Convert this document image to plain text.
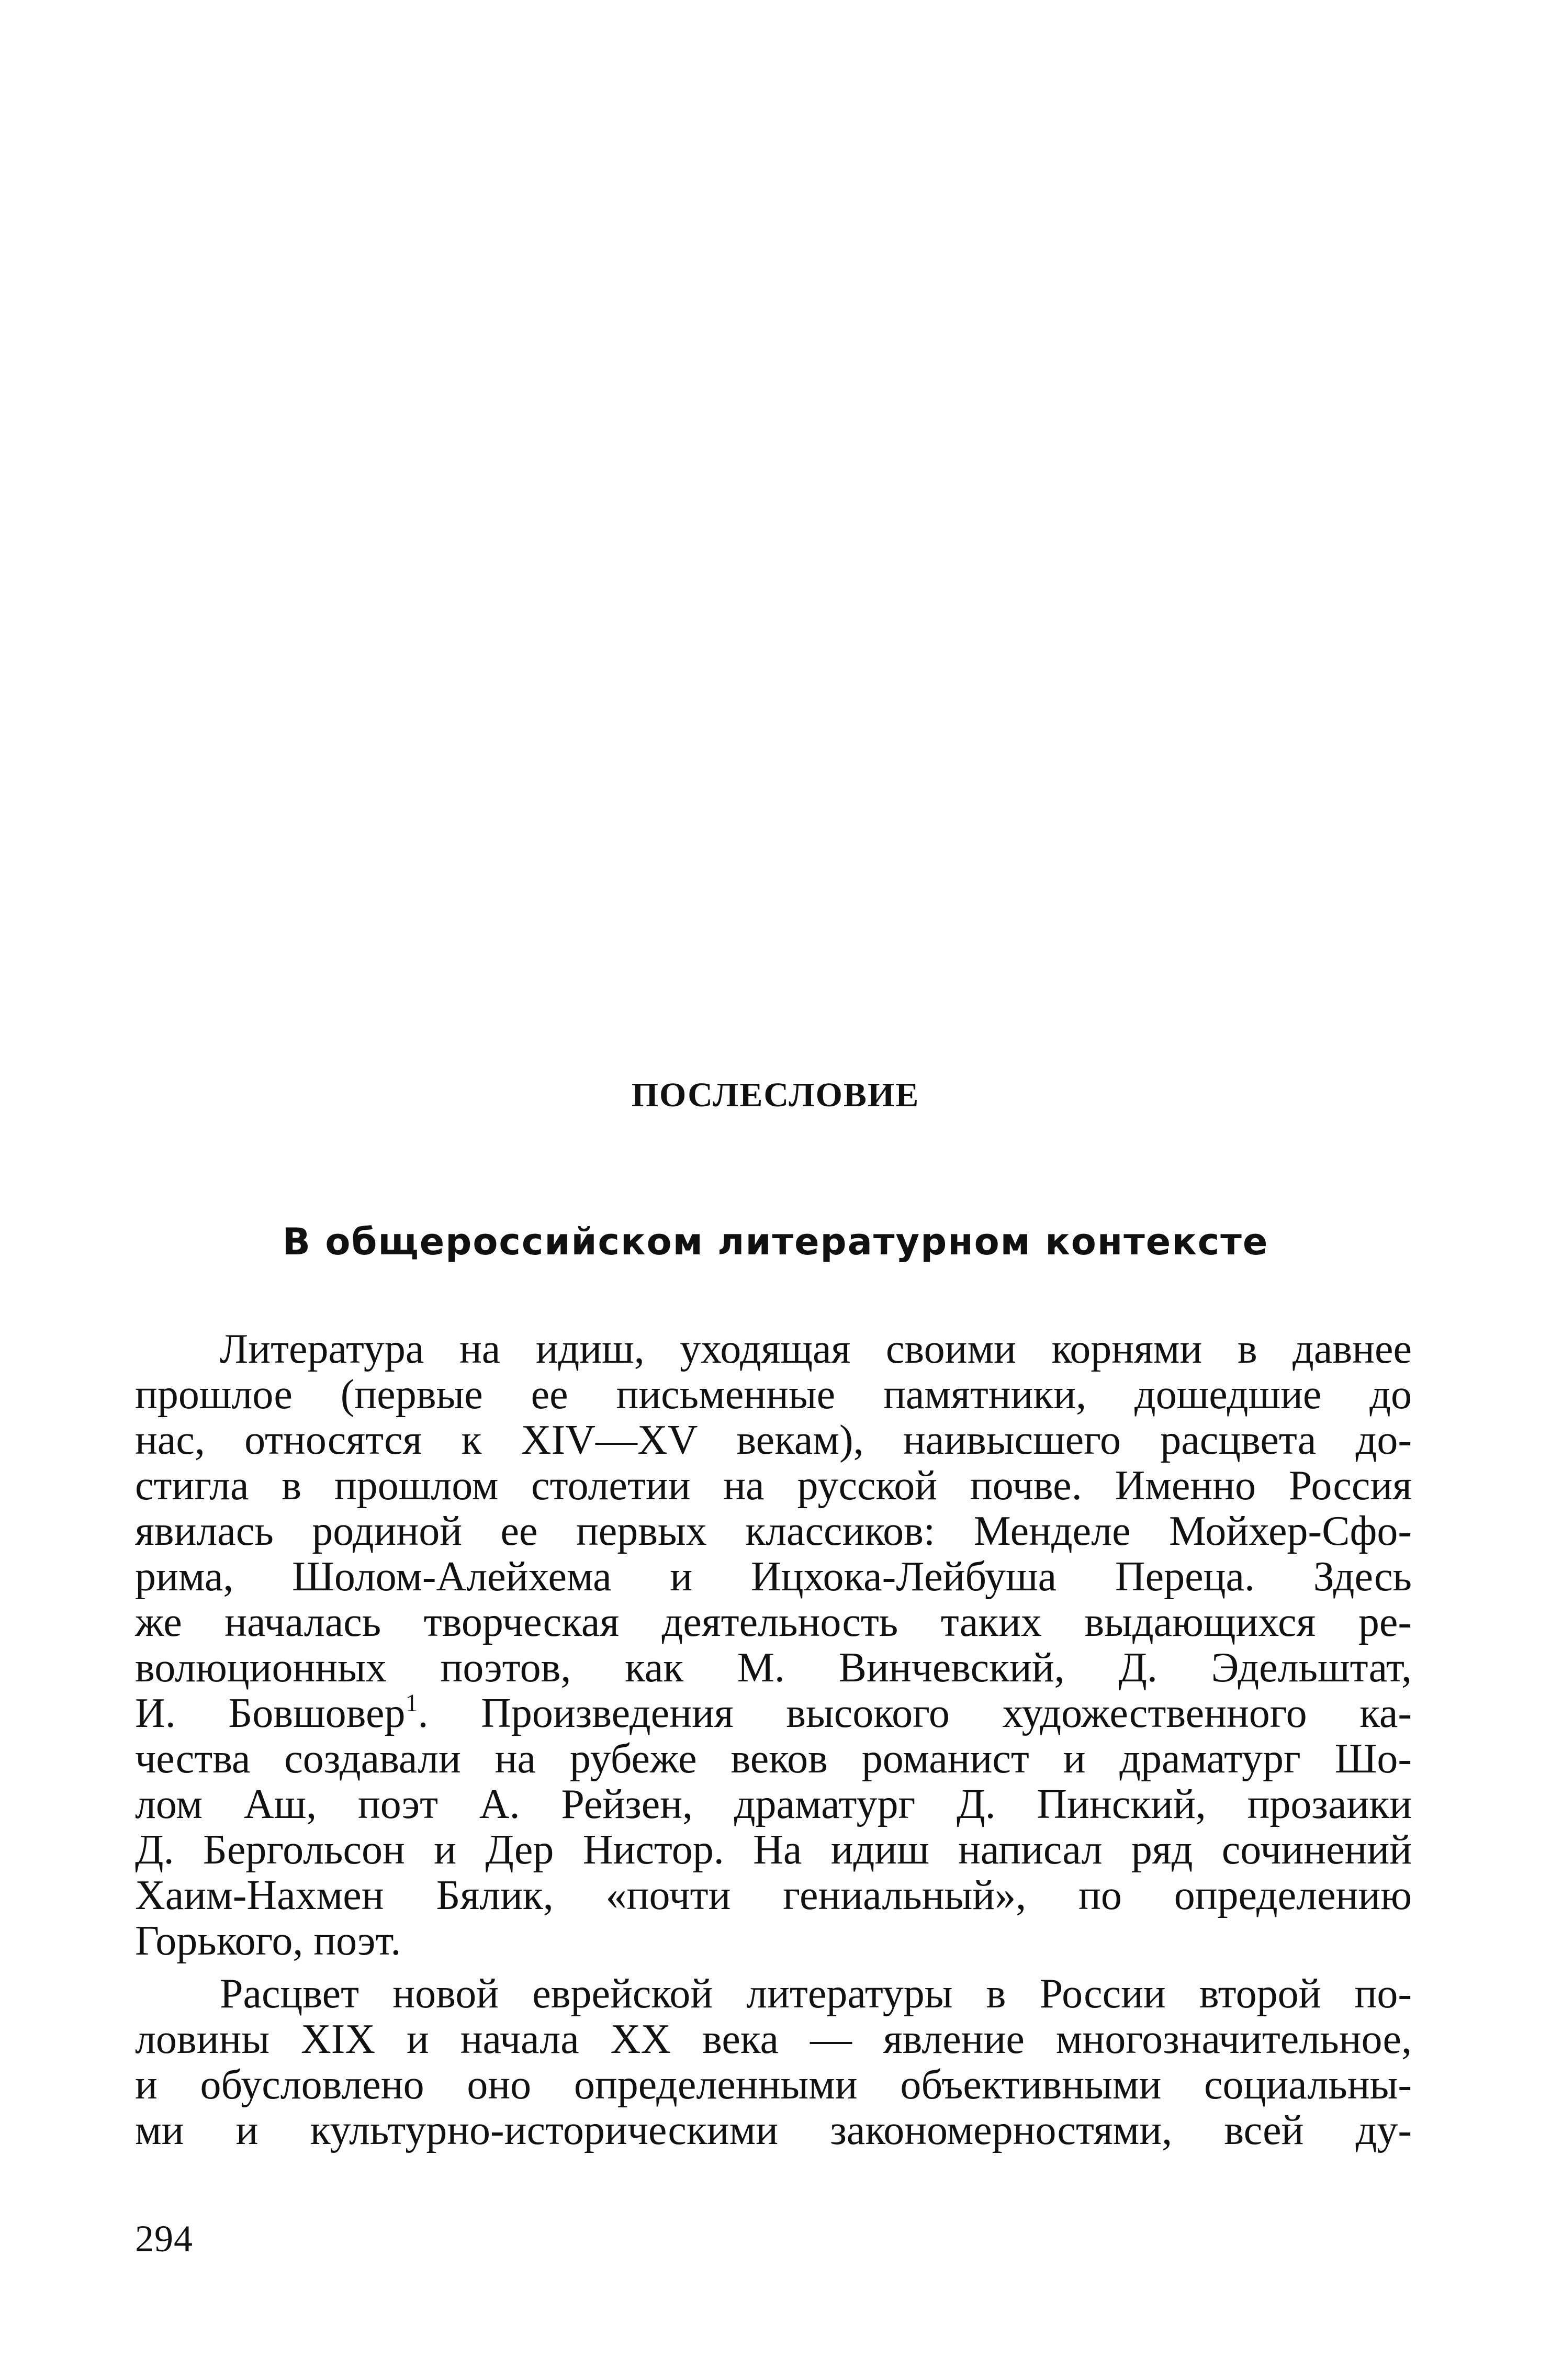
ПОСЛЕСЛОВИЕ
В общероссийском литературном контексте

Литература на идиш, уходящая своими корнями в давнее
прошлое (первые ее письменные памятники, дошедшие до
нас, относятся к XIV—XV векам), наивысшего расцвета до-
стигла в прошлом столетии на русской почве. Именно Россия
явилась родиной ее первых классиков: Менделе Мойхер-Сфо-
рима, Шолом-Алейхема и Ицхока-Лейбуша Переца. Здесь
же началась творческая деятельность таких выдающихся ре-
волюционных поэтов, как М. Винчевский, Д. Эдельштат,
И. Бовшовер$^1$. Произведения высокого художественного ка-
чества создавали на рубеже веков романист и драматург Шо-
лом Аш, поэт А. Рейзен, драматург Д. Пинский, прозаики
Д. Бергольсон и Дер Нистор. На идиш написал ряд сочинений
Хаим-Нахмен Бялик, «почти гениальный», по определению
Горького, поэт.

Расцвет новой еврейской литературы в России второй по-
ловины XIX и начала XX века — явление многозначительное,
и обусловлено оно определенными объективными социальны-
ми и культурно-историческими закономерностями, всей ду-

294
